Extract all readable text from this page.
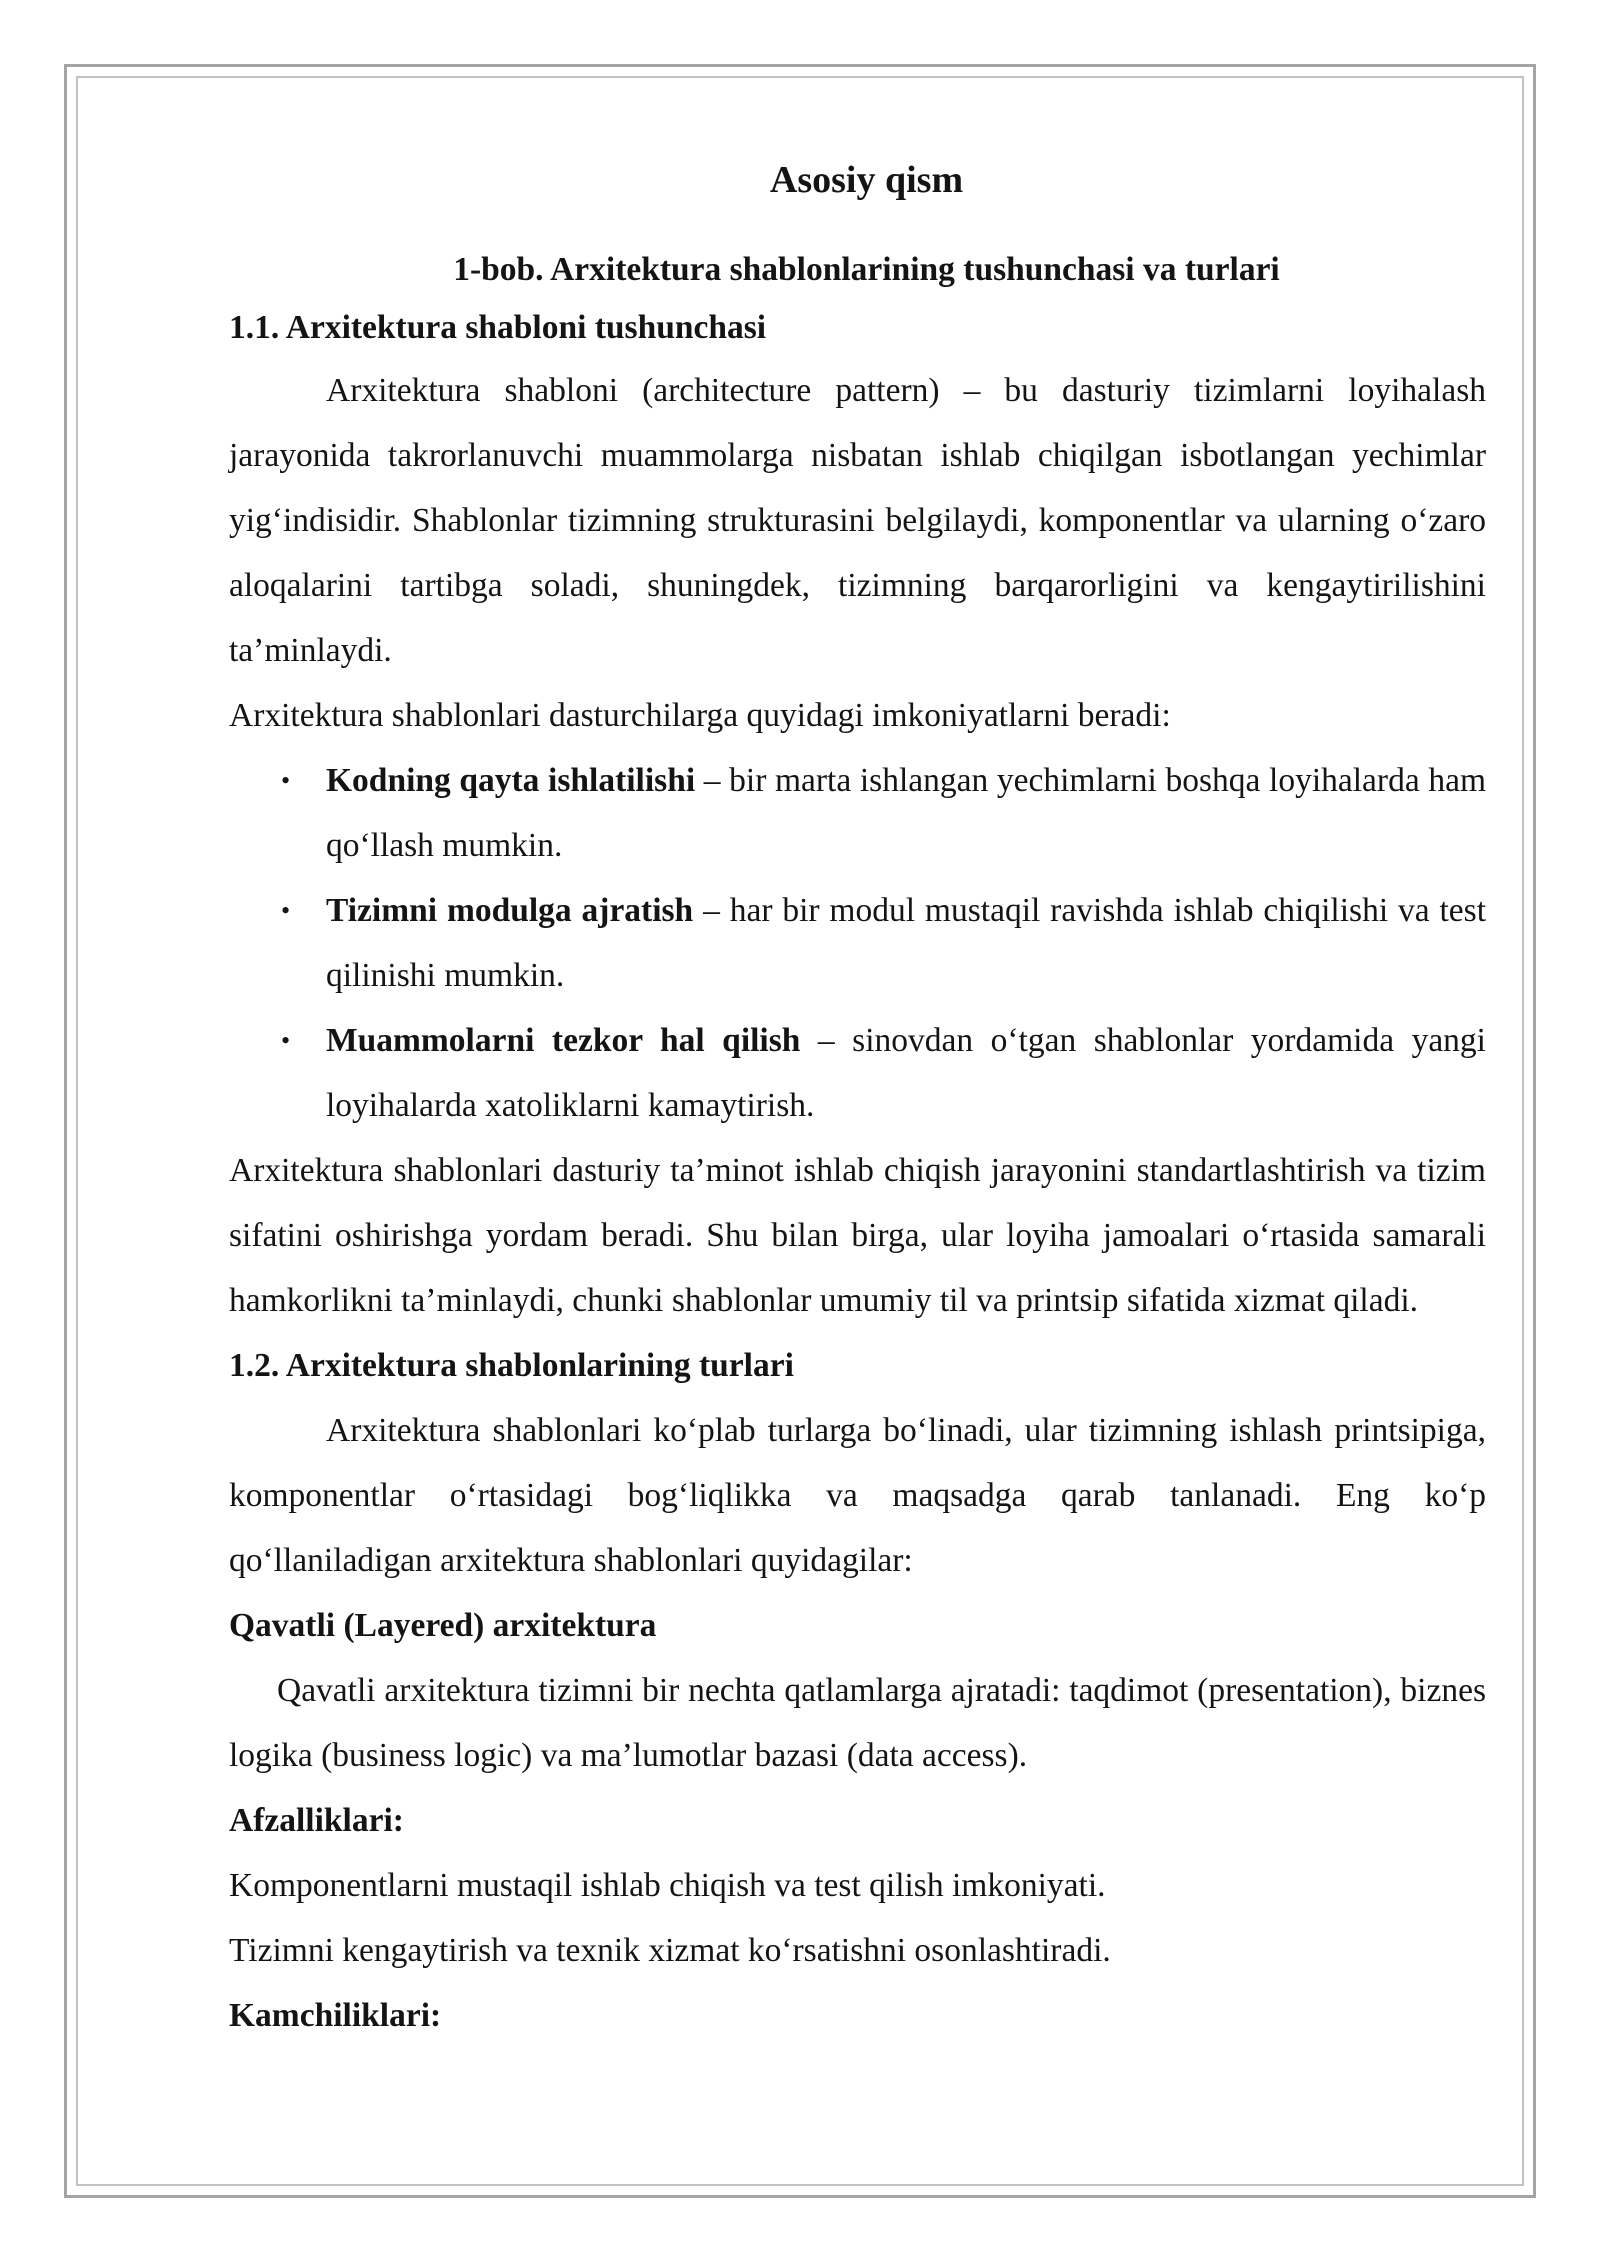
Asosiy qism
1-bob. Arxitektura shablonlarining tushunchasi va turlari
1.1. Arxitektura shabloni tushunchasi

Arxitektura shabloni (architecture pattern) – bu dasturiy tizimlarni loyihalash jarayonida takrorlanuvchi muammolarga nisbatan ishlab chiqilgan isbotlangan yechimlar yig‘indisidir. Shablonlar tizimning strukturasini belgilaydi, komponentlar va ularning o‘zaro aloqalarini tartibga soladi, shuningdek, tizimning barqarorligini va kengaytirilishini ta’minlaydi.

Arxitektura shablonlari dasturchilarga quyidagi imkoniyatlarni beradi:

• Kodning qayta ishlatilishi – bir marta ishlangan yechimlarni boshqa loyihalarda ham qo‘llash mumkin.
• Tizimni modulga ajratish – har bir modul mustaqil ravishda ishlab chiqilishi va test qilinishi mumkin.
• Muammolarni tezkor hal qilish – sinovdan o‘tgan shablonlar yordamida yangi loyihalarda xatoliklarni kamaytirish.

Arxitektura shablonlari dasturiy ta’minot ishlab chiqish jarayonini standartlashtirish va tizim sifatini oshirishga yordam beradi. Shu bilan birga, ular loyiha jamoalari o‘rtasida samarali hamkorlikni ta’minlaydi, chunki shablonlar umumiy til va printsip sifatida xizmat qiladi.

1.2. Arxitektura shablonlarining turlari

Arxitektura shablonlari ko‘plab turlarga bo‘linadi, ular tizimning ishlash printsipiga, komponentlar o‘rtasidagi bog‘liqlikka va maqsadga qarab tanlanadi. Eng ko‘p qo‘llaniladigan arxitektura shablonlari quyidagilar:

Qavatli (Layered) arxitektura

Qavatli arxitektura tizimni bir nechta qatlamlarga ajratadi: taqdimot (presentation), biznes logika (business logic) va ma’lumotlar bazasi (data access).

Afzalliklari:

Komponentlarni mustaqil ishlab chiqish va test qilish imkoniyati.

Tizimni kengaytirish va texnik xizmat ko‘rsatishni osonlashtiradi.

Kamchiliklari:
